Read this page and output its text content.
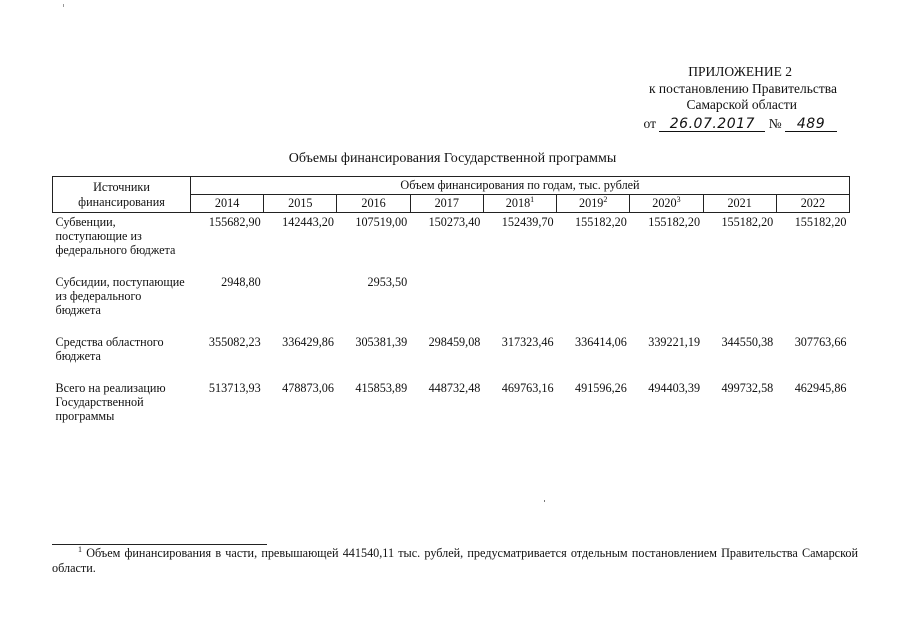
ПРИЛОЖЕНИЕ 2
к постановлению Правительства
Самарской области
от 26.07.2017 № 489
Объемы финансирования Государственной программы
Источники финансирования	Объем финансирования по годам, тыс. рублей								
	2014	2015	2016	2017	2018$^1$	2019$^2$	2020$^3$	2021	2022
Субвенции, поступающие из федерального бюджета	155682,90	142443,20	107519,00	150273,40	152439,70	155182,20	155182,20	155182,20	155182,20
Субсидии, поступающие из федерального бюджета	2948,80		2953,50						
Средства областного бюджета	355082,23	336429,86	305381,39	298459,08	317323,46	336414,06	339221,19	344550,38	307763,66
Всего на реализацию Государственной программы	513713,93	478873,06	415853,89	448732,48	469763,16	491596,26	494403,39	499732,58	462945,86
$^1$ Объем финансирования в части, превышающей 441540,11 тыс. рублей, предусматривается отдельным постановлением Правительства Самарской области.
